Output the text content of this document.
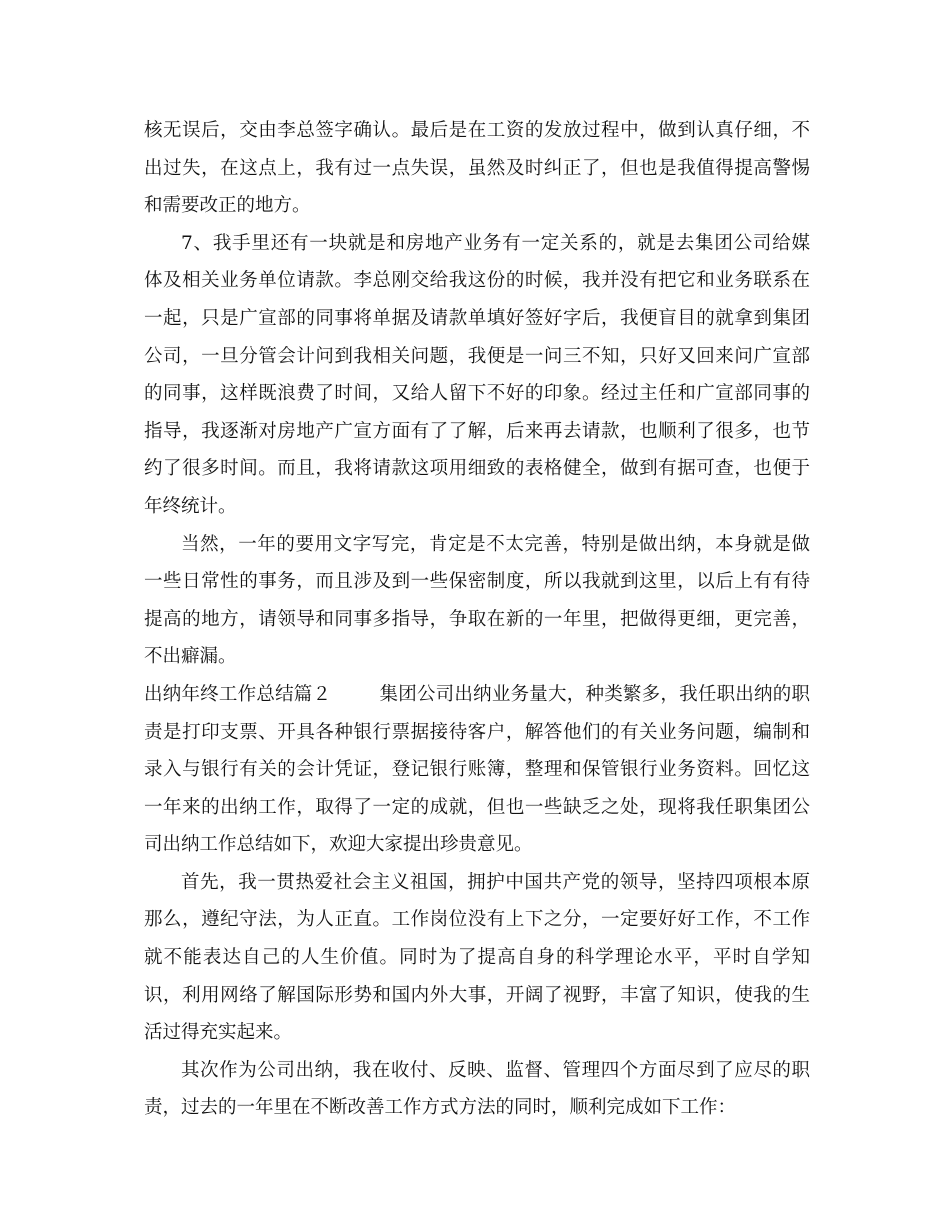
核无误后，交由李总签字确认。最后是在工资的发放过程中，做到认真仔细，不
出过失，在这点上，我有过一点失误，虽然及时纠正了，但也是我值得提高警惕
和需要改正的地方。

7、我手里还有一块就是和房地产业务有一定关系的，就是去集团公司给媒
体及相关业务单位请款。李总刚交给我这份的时候，我并没有把它和业务联系在
一起，只是广宣部的同事将单据及请款单填好签好字后，我便盲目的就拿到集团
公司，一旦分管会计问到我相关问题，我便是一问三不知，只好又回来问广宣部
的同事，这样既浪费了时间，又给人留下不好的印象。经过主任和广宣部同事的
指导，我逐渐对房地产广宣方面有了了解，后来再去请款，也顺利了很多，也节
约了很多时间。而且，我将请款这项用细致的表格健全，做到有据可查，也便于
年终统计。

当然，一年的要用文字写完，肯定是不太完善，特别是做出纳，本身就是做
一些日常性的事务，而且涉及到一些保密制度，所以我就到这里，以后上有有待
提高的地方，请领导和同事多指导，争取在新的一年里，把做得更细，更完善，
不出癖漏。

出纳年终工作总结篇２	集团公司出纳业务量大，种类繁多，我任职出纳的职
责是打印支票、开具各种银行票据接待客户，解答他们的有关业务问题，编制和
录入与银行有关的会计凭证，登记银行账簿，整理和保管银行业务资料。回忆这
一年来的出纳工作，取得了一定的成就，但也一些缺乏之处，现将我任职集团公
司出纳工作总结如下，欢迎大家提出珍贵意见。

首先，我一贯热爱社会主义祖国，拥护中国共产党的领导，坚持四项根本原
那么，遵纪守法，为人正直。工作岗位没有上下之分，一定要好好工作，不工作
就不能表达自己的人生价值。同时为了提高自身的科学理论水平，平时自学知
识，利用网络了解国际形势和国内外大事，开阔了视野，丰富了知识，使我的生
活过得充实起来。

其次作为公司出纳，我在收付、反映、监督、管理四个方面尽到了应尽的职
责，过去的一年里在不断改善工作方式方法的同时，顺利完成如下工作：
